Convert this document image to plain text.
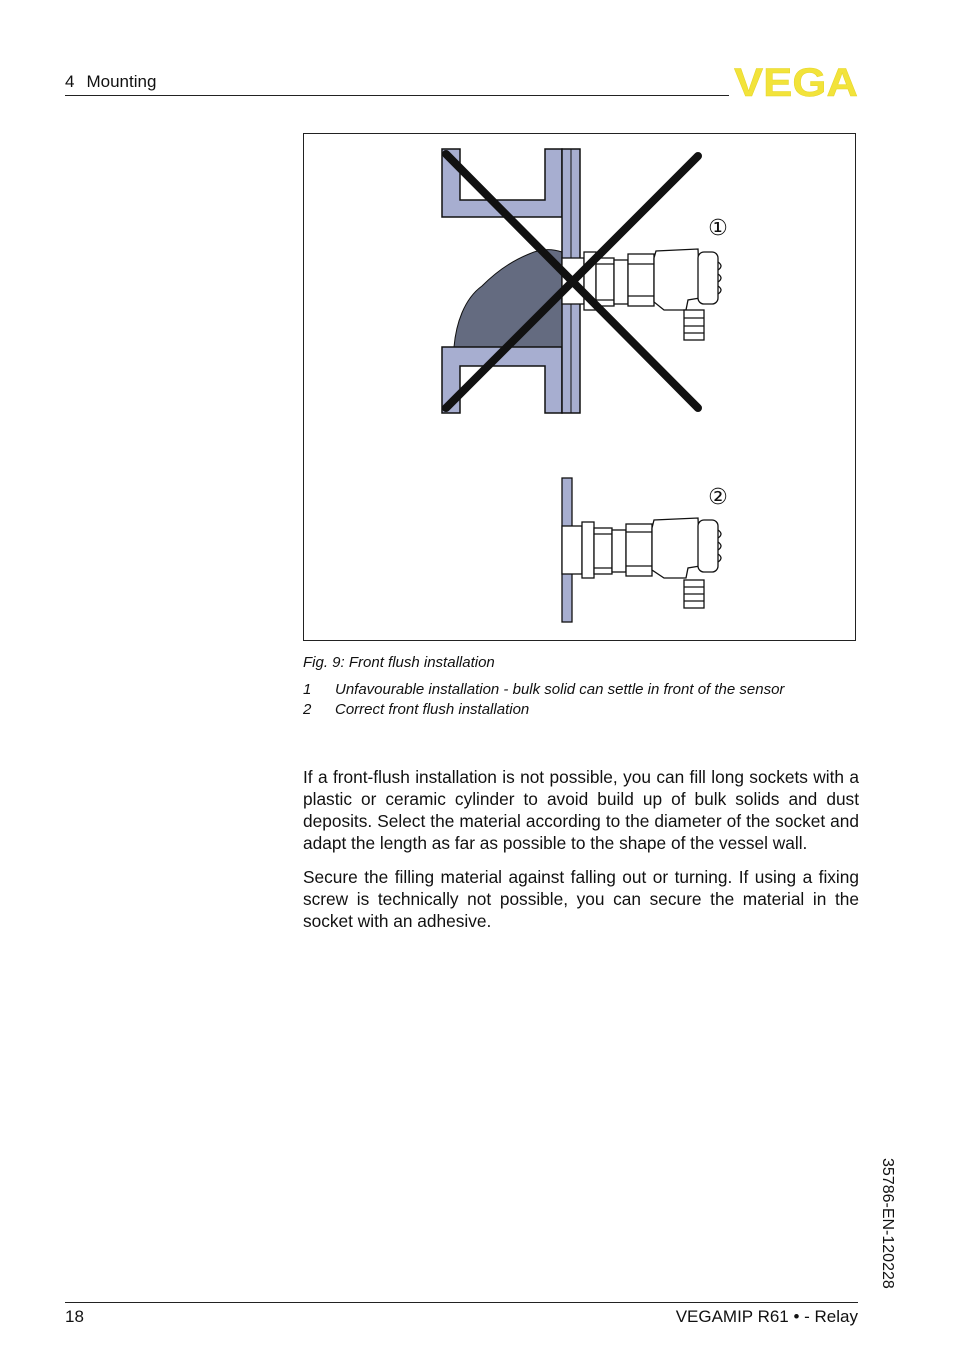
4 Mounting	VEGA
①
②
Fig. 9: Front flush installation
1	Unfavourable installation - bulk solid can settle in front of the sensor
2	Correct front flush installation

If a front-flush installation is not possible, you can fill long sockets with a plastic or ceramic cylinder to avoid build up of bulk solids and dust deposits. Select the material according to the diameter of the socket and adapt the length as far as possible to the shape of the vessel wall.

Secure the filling material against falling out or turning. If using a fixing screw is technically not possible, you can secure the material in the socket with an adhesive.

35786-EN-120228
18	VEGAMIP R61 • - Relay
